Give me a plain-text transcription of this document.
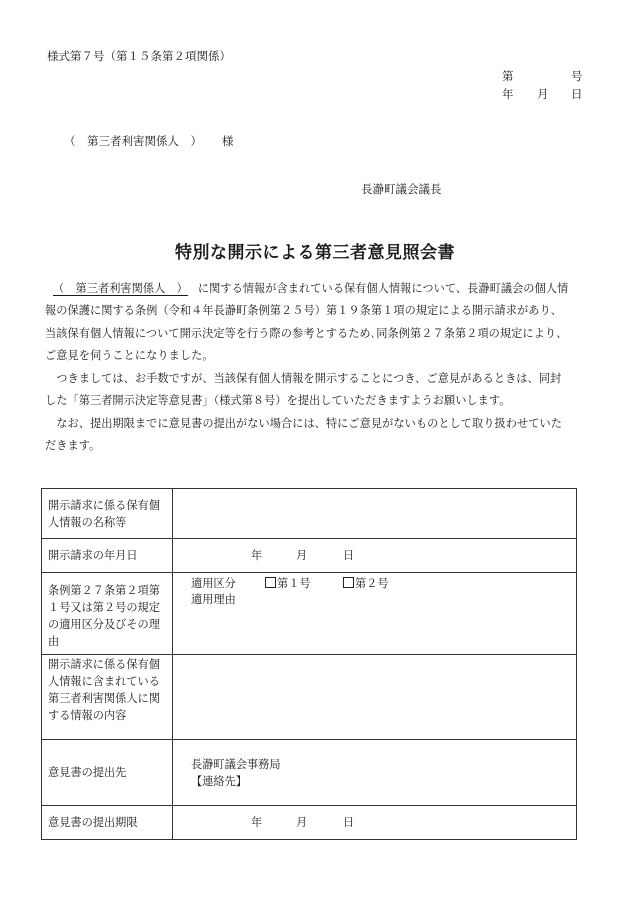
様式第７号（第１５条第２項関係）
第	号
年 月 日
（　第三者利害関係人　） 様
長瀞町議会議長
特別な開示による第三者意見照会書
（　第三者利害関係人　） に関する情報が含まれている保有個人情報について、長瀞町議会の個人情
報の保護に関する条例（令和４年長瀞町条例第２５号）第１９条第１項の規定による開示請求があり、
当該保有個人情報について開示決定等を行う際の参考とするため､同条例第２７条第２項の規定により、
ご意見を伺うことになりました。
　つきましては、お手数ですが、当該保有個人情報を開示することにつき、ご意見があるときは、同封
した「第三者開示決定等意見書」（様式第８号）を提出していただきますようお願いします。
　なお、提出期限までに意見書の提出がない場合には、特にご意見がないものとして取り扱わせていた
だきます。
開示請求に係る保有個人情報の名称等	

開示請求の年月日	年 月 日

条例第２７条第２項第１号又は第２号の規定の適用区分及びその理由	適用区分 第１号 第２号
適用理由

開示請求に係る保有個人情報に含まれている第三者利害関係人に関する情報の内容	

意見書の提出先	長瀞町議会事務局
【連絡先】

意見書の提出期限	年 月 日
